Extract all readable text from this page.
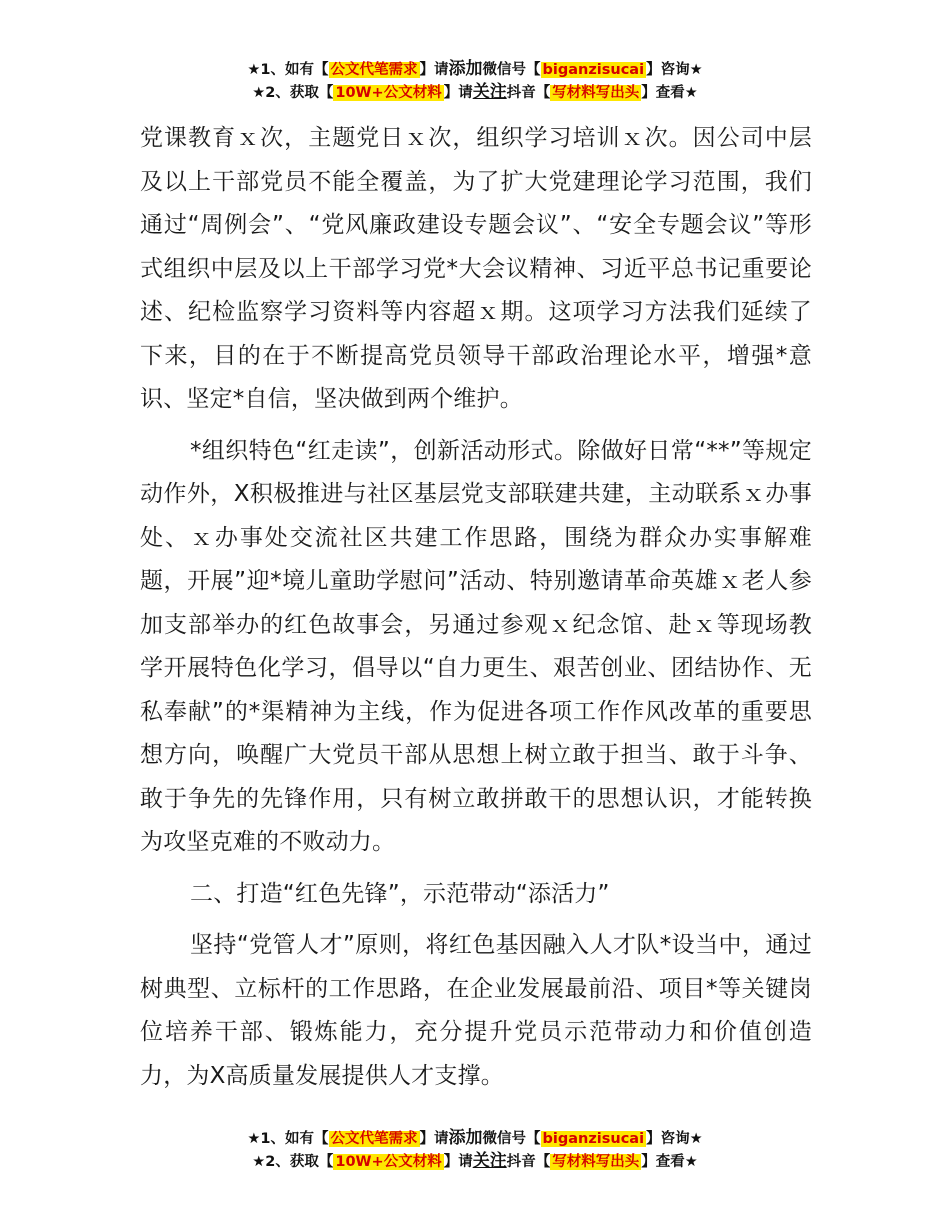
★1、如有【 公文代笔需求 】请添加微信号【 biganzisucai 】咨询★
★2、获取【 10W+公文材料 】请关注抖音【 写材料写出头 】查看★

党课教育ｘ次，主题党日ｘ次，组织学习培训ｘ次。因公司中层及以上干部党员不能全覆盖，为了扩大党建理论学习范围，我们通过“周例会”、“党风廉政建设专题会议”、“安全专题会议”等形式组织中层及以上干部学习党*大会议精神、习近平总书记重要论述、纪检监察学习资料等内容超ｘ期。这项学习方法我们延续了下来，目的在于不断提高党员领导干部政治理论水平，增强*意识、坚定*自信，坚决做到两个维护。

*组织特色“红走读”，创新活动形式。除做好日常“**”等规定动作外，X积极推进与社区基层党支部联建共建，主动联系ｘ办事处、ｘ办事处交流社区共建工作思路，围绕为群众办实事解难题，开展”迎*境儿童助学慰问”活动、特别邀请革命英雄ｘ老人参加支部举办的红色故事会，另通过参观ｘ纪念馆、赴ｘ等现场教学开展特色化学习，倡导以“自力更生、艰苦创业、团结协作、无私奉献”的*渠精神为主线，作为促进各项工作作风改革的重要思想方向，唤醒广大党员干部从思想上树立敢于担当、敢于斗争、敢于争先的先锋作用，只有树立敢拼敢干的思想认识，才能转换为攻坚克难的不败动力。

二、打造“红色先锋”，示范带动“添活力”

坚持“党管人才”原则，将红色基因融入人才队*设当中，通过树典型、立标杆的工作思路，在企业发展最前沿、项目*等关键岗位培养干部、锻炼能力，充分提升党员示范带动力和价值创造力，为X高质量发展提供人才支撑。

★1、如有【 公文代笔需求 】请添加微信号【 biganzisucai 】咨询★
★2、获取【 10W+公文材料 】请关注抖音【 写材料写出头 】查看★
